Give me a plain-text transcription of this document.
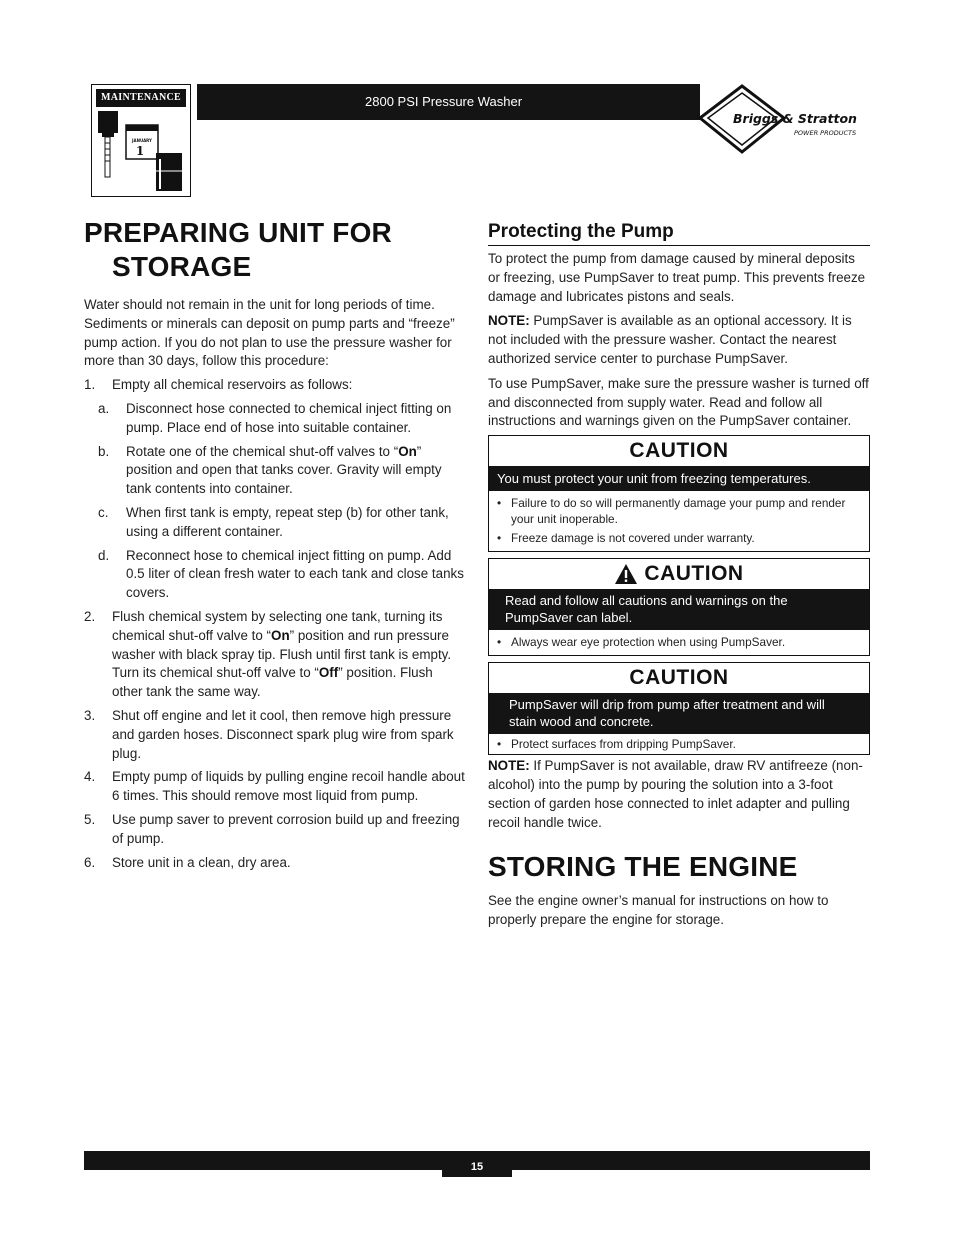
MAINTENANCE
JANUARY
1
2800 PSI Pressure Washer
Briggs & Stratton
POWER PRODUCTS
PREPARING UNIT FOR
STORAGE

Water should not remain in the unit for long periods of time. Sediments or minerals can deposit on pump parts and “freeze” pump action. If you do not plan to use the pressure washer for more than 30 days, follow this procedure:

1. Empty all chemical reservoirs as follows:
a. Disconnect hose connected to chemical inject fitting on pump. Place end of hose into suitable container.
b. Rotate one of the chemical shut-off valves to “On” position and open that tanks cover. Gravity will empty tank contents into container.
c. When first tank is empty, repeat step (b) for other tank, using a different container.
d. Reconnect hose to chemical inject fitting on pump. Add 0.5 liter of clean fresh water to each tank and close tanks covers.
2. Flush chemical system by selecting one tank, turning its chemical shut-off valve to “On” position and run pressure washer with black spray tip. Flush until first tank is empty. Turn its chemical shut-off valve to “Off” position. Flush other tank the same way.
3. Shut off engine and let it cool, then remove high pressure and garden hoses. Disconnect spark plug wire from spark plug.
4. Empty pump of liquids by pulling engine recoil handle about 6 times. This should remove most liquid from pump.
5. Use pump saver to prevent corrosion build up and freezing of pump.
6. Store unit in a clean, dry area.
Protecting the Pump

To protect the pump from damage caused by mineral deposits or freezing, use PumpSaver to treat pump. This prevents freeze damage and lubricates pistons and seals.

NOTE: PumpSaver is available as an optional accessory. It is not included with the pressure washer. Contact the nearest authorized service center to purchase PumpSaver.

To use PumpSaver, make sure the pressure washer is turned off and disconnected from supply water. Read and follow all instructions and warnings given on the PumpSaver container.

CAUTION
You must protect your unit from freezing temperatures.
• Failure to do so will permanently damage your pump and render your unit inoperable.
• Freeze damage is not covered under warranty.
CAUTION
Read and follow all cautions and warnings on the PumpSaver can label.
• Always wear eye protection when using PumpSaver.
CAUTION
PumpSaver will drip from pump after treatment and will stain wood and concrete.
• Protect surfaces from dripping PumpSaver.

NOTE: If PumpSaver is not available, draw RV antifreeze (non-alcohol) into the pump by pouring the solution into a 3-foot section of garden hose connected to inlet adapter and pulling recoil handle twice.

STORING THE ENGINE

See the engine owner’s manual for instructions on how to properly prepare the engine for storage.

15
